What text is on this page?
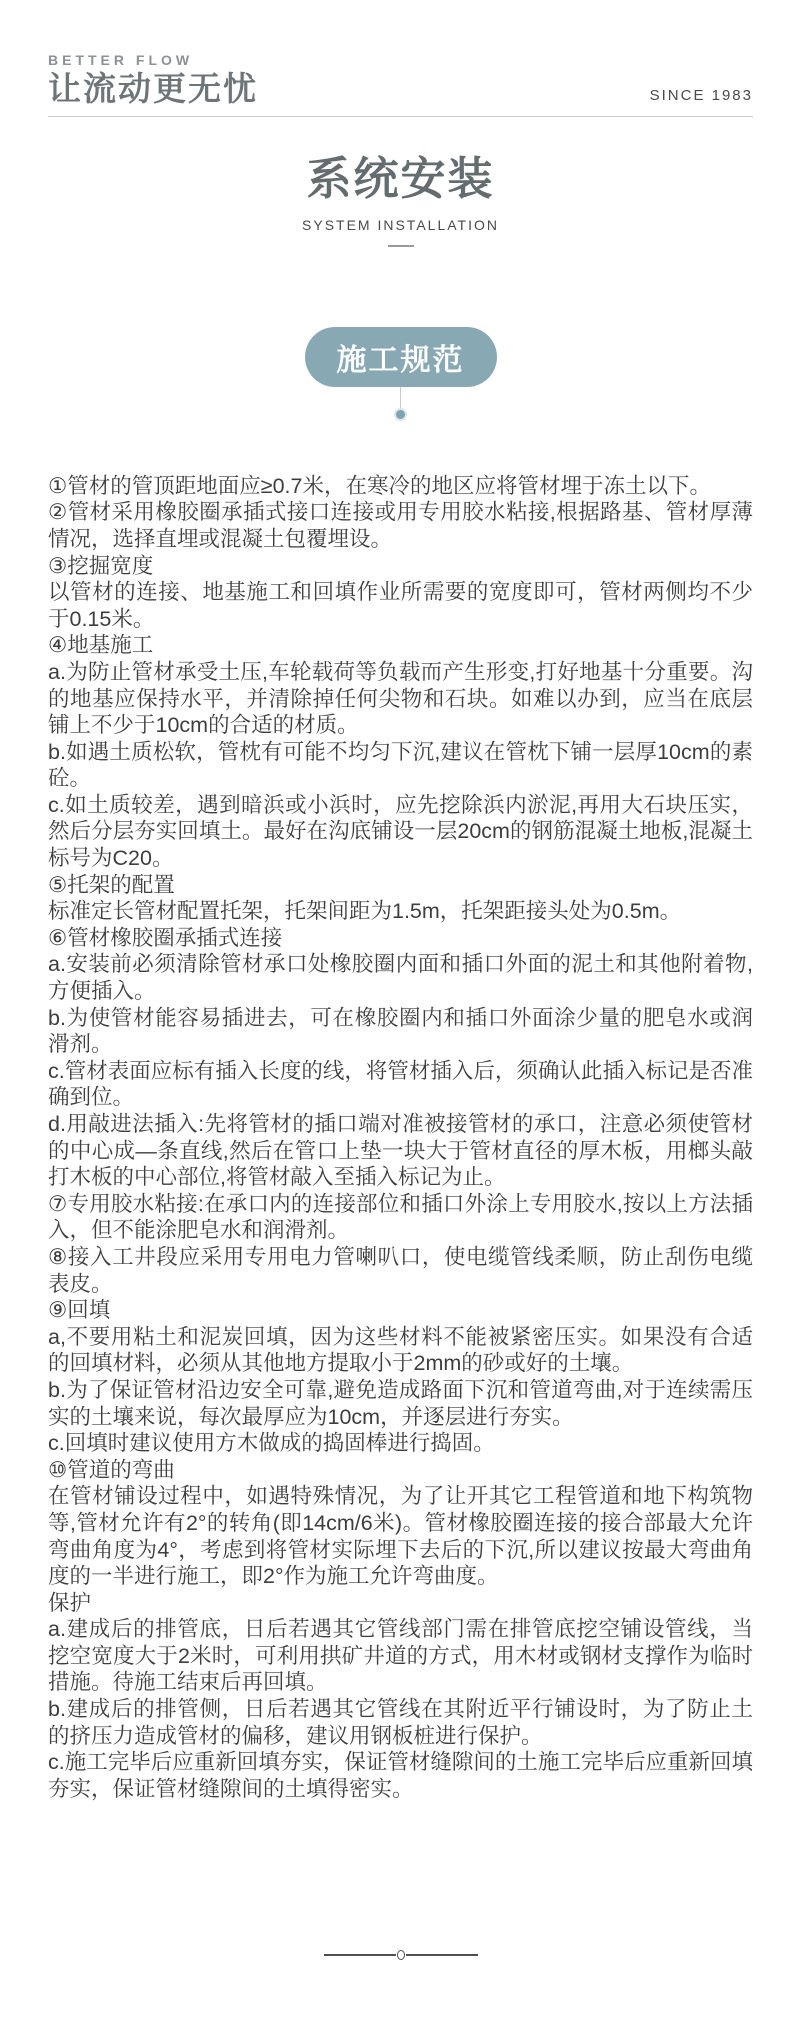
BETTER FLOW
让流动更无忧	SINCE 1983
系统安装
SYSTEM INSTALLATION
施工规范

①管材的管顶距地面应≥0.7米，在寒冷的地区应将管材埋于冻土以下。

②管材采用橡胶圈承插式接口连接或用专用胶水粘接,根据路基、管材厚薄情况，选择直埋或混凝土包覆埋设。

③挖掘宽度

以管材的连接、地基施工和回填作业所需要的宽度即可，管材两侧均不少于0.15米。

④地基施工

a.为防止管材承受土压,车轮载荷等负载而产生形变,打好地基十分重要。沟的地基应保持水平，并清除掉任何尖物和石块。如难以办到，应当在底层铺上不少于10cm的合适的材质。

b.如遇土质松软，管枕有可能不均匀下沉,建议在管枕下铺一层厚10cm的素砼。

c.如土质较差，遇到暗浜或小浜时，应先挖除浜内淤泥,再用大石块压实，然后分层夯实回填土。最好在沟底铺设一层20cm的钢筋混凝土地板,混凝土标号为C20。

⑤托架的配置

标准定长管材配置托架，托架间距为1.5m，托架距接头处为0.5m。

⑥管材橡胶圈承插式连接

a.安装前必须清除管材承口处橡胶圈内面和插口外面的泥土和其他附着物,方便插入。

b.为使管材能容易插进去，可在橡胶圈内和插口外面涂少量的肥皂水或润滑剂。

c.管材表面应标有插入长度的线，将管材插入后，须确认此插入标记是否准确到位。

d.用敲进法插入:先将管材的插口端对准被接管材的承口，注意必须使管材的中心成—条直线,然后在管口上垫一块大于管材直径的厚木板，用榔头敲打木板的中心部位,将管材敲入至插入标记为止。

⑦专用胶水粘接:在承口内的连接部位和插口外涂上专用胶水,按以上方法插入，但不能涂肥皂水和润滑剂。

⑧接入工井段应采用专用电力管喇叭口，使电缆管线柔顺，防止刮伤电缆表皮。

⑨回填

a,不要用粘土和泥炭回填，因为这些材料不能被紧密压实。如果没有合适的回填材料，必须从其他地方提取小于2mm的砂或好的土壤。

b.为了保证管材沿边安全可靠,避免造成路面下沉和管道弯曲,对于连续需压实的土壤来说，每次最厚应为10cm，并逐层进行夯实。

c.回填时建议使用方木做成的捣固棒进行捣固。

⑩管道的弯曲

在管材铺设过程中，如遇特殊情况，为了让开其它工程管道和地下构筑物等,管材允许有2°的转角(即14cm/6米)。管材橡胶圈连接的接合部最大允许弯曲角度为4°，考虑到将管材实际埋下去后的下沉,所以建议按最大弯曲角度的一半进行施工，即2°作为施工允许弯曲度。

保护

a.建成后的排管底，日后若遇其它管线部门需在排管底挖空铺设管线，当挖空宽度大于2米时，可利用拱矿井道的方式，用木材或钢材支撑作为临时措施。待施工结束后再回填。

b.建成后的排管侧，日后若遇其它管线在其附近平行铺设时，为了防止土的挤压力造成管材的偏移，建议用钢板桩进行保护。

c.施工完毕后应重新回填夯实，保证管材缝隙间的土施工完毕后应重新回填夯实，保证管材缝隙间的土填得密实。
